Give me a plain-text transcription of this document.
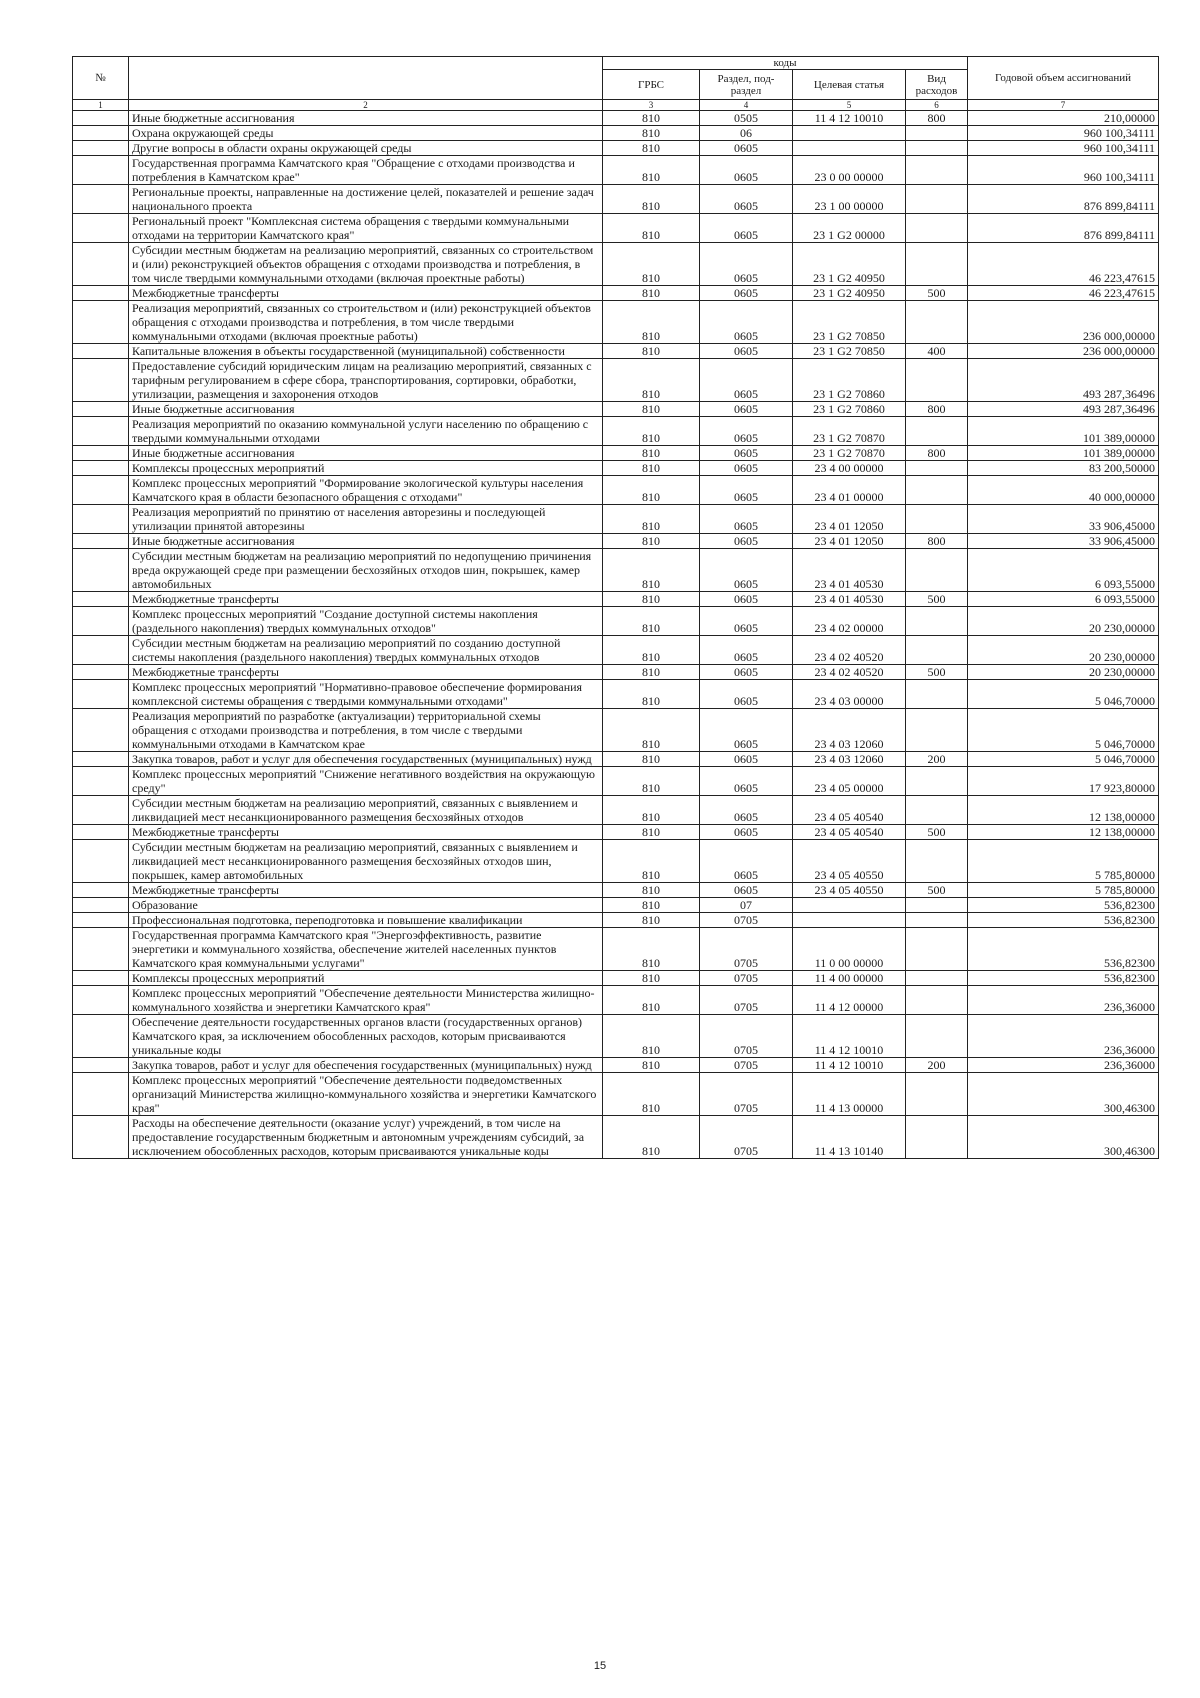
№		коды				Годовой объем ассигнований
		ГРБС	Раздел, под-раздел	Целевая статья	Вид расходов	
1	2	3	4	5	6	7
	Иные бюджетные ассигнования	810	0505	11 4 12 10010	800	210,00000
	Охрана окружающей среды	810	06			960 100,34111
	Другие вопросы в области охраны окружающей среды	810	0605			960 100,34111
	Государственная программа Камчатского края "Обращение с отходами производства и потребления в Камчатском крае"	810	0605	23 0 00 00000		960 100,34111
	Региональные проекты, направленные на достижение целей, показателей и решение задач национального проекта	810	0605	23 1 00 00000		876 899,84111
	Региональный проект "Комплексная система обращения с твердыми коммунальными отходами на территории Камчатского края"	810	0605	23 1 G2 00000		876 899,84111
	Субсидии местным бюджетам на реализацию мероприятий, связанных со строительством и (или) реконструкцией объектов обращения с отходами производства и потребления, в том числе твердыми коммунальными отходами (включая проектные работы)	810	0605	23 1 G2 40950		46 223,47615
	Межбюджетные трансферты	810	0605	23 1 G2 40950	500	46 223,47615
	Реализация мероприятий, связанных со строительством и (или) реконструкцией объектов обращения с отходами производства и потребления, в том числе твердыми коммунальными отходами (включая проектные работы)	810	0605	23 1 G2 70850		236 000,00000
	Капитальные вложения в объекты государственной (муниципальной) собственности	810	0605	23 1 G2 70850	400	236 000,00000
	Предоставление субсидий юридическим лицам на реализацию мероприятий, связанных с тарифным регулированием в сфере сбора, транспортирования, сортировки, обработки, утилизации, размещения и захоронения отходов	810	0605	23 1 G2 70860		493 287,36496
	Иные бюджетные ассигнования	810	0605	23 1 G2 70860	800	493 287,36496
	Реализация мероприятий по оказанию коммунальной услуги населению по обращению с твердыми коммунальными отходами	810	0605	23 1 G2 70870		101 389,00000
	Иные бюджетные ассигнования	810	0605	23 1 G2 70870	800	101 389,00000
	Комплексы процессных мероприятий	810	0605	23 4 00 00000		83 200,50000
	Комплекс процессных мероприятий "Формирование экологической культуры населения Камчатского края в области безопасного обращения с отходами"	810	0605	23 4 01 00000		40 000,00000
	Реализация мероприятий по принятию от населения авторезины и последующей утилизации принятой авторезины	810	0605	23 4 01 12050		33 906,45000
	Иные бюджетные ассигнования	810	0605	23 4 01 12050	800	33 906,45000
	Субсидии местным бюджетам на реализацию мероприятий по недопущению причинения вреда окружающей среде при размещении бесхозяйных отходов шин, покрышек, камер автомобильных	810	0605	23 4 01 40530		6 093,55000
	Межбюджетные трансферты	810	0605	23 4 01 40530	500	6 093,55000
	Комплекс процессных мероприятий "Создание доступной системы накопления (раздельного накопления) твердых коммунальных отходов"	810	0605	23 4 02 00000		20 230,00000
	Субсидии местным бюджетам на реализацию мероприятий по созданию доступной системы накопления (раздельного накопления) твердых коммунальных отходов	810	0605	23 4 02 40520		20 230,00000
	Межбюджетные трансферты	810	0605	23 4 02 40520	500	20 230,00000
	Комплекс процессных мероприятий "Нормативно-правовое обеспечение формирования комплексной системы обращения с твердыми коммунальными отходами"	810	0605	23 4 03 00000		5 046,70000
	Реализация мероприятий по разработке (актуализации) территориальной схемы обращения с отходами производства и потребления, в том числе с твердыми коммунальными отходами в Камчатском крае	810	0605	23 4 03 12060		5 046,70000
	Закупка товаров, работ и услуг для обеспечения государственных (муниципальных) нужд	810	0605	23 4 03 12060	200	5 046,70000
	Комплекс процессных мероприятий "Снижение негативного воздействия на окружающую среду"	810	0605	23 4 05 00000		17 923,80000
	Субсидии местным бюджетам на реализацию мероприятий, связанных с выявлением и ликвидацией мест несанкционированного размещения бесхозяйных отходов	810	0605	23 4 05 40540		12 138,00000
	Межбюджетные трансферты	810	0605	23 4 05 40540	500	12 138,00000
	Субсидии местным бюджетам на реализацию мероприятий, связанных с выявлением и ликвидацией мест несанкционированного размещения бесхозяйных отходов шин, покрышек, камер автомобильных	810	0605	23 4 05 40550		5 785,80000
	Межбюджетные трансферты	810	0605	23 4 05 40550	500	5 785,80000
	Образование	810	07			536,82300
	Профессиональная подготовка, переподготовка и повышение квалификации	810	0705			536,82300
	Государственная программа Камчатского края "Энергоэффективность, развитие энергетики и коммунального хозяйства, обеспечение жителей населенных пунктов Камчатского края коммунальными услугами"	810	0705	11 0 00 00000		536,82300
	Комплексы процессных мероприятий	810	0705	11 4 00 00000		536,82300
	Комплекс процессных мероприятий "Обеспечение деятельности Министерства жилищно-коммунального хозяйства и энергетики Камчатского края"	810	0705	11 4 12 00000		236,36000
	Обеспечение деятельности государственных органов власти (государственных органов) Камчатского края, за исключением обособленных расходов, которым присваиваются уникальные коды	810	0705	11 4 12 10010		236,36000
	Закупка товаров, работ и услуг для обеспечения государственных (муниципальных) нужд	810	0705	11 4 12 10010	200	236,36000
	Комплекс процессных мероприятий "Обеспечение деятельности подведомственных организаций Министерства жилищно-коммунального хозяйства и энергетики Камчатского края"	810	0705	11 4 13 00000		300,46300
	Расходы на обеспечение деятельности (оказание услуг) учреждений, в том числе на предоставление государственным бюджетным и автономным учреждениям субсидий, за исключением обособленных расходов, которым присваиваются уникальные коды	810	0705	11 4 13 10140		300,46300
15
